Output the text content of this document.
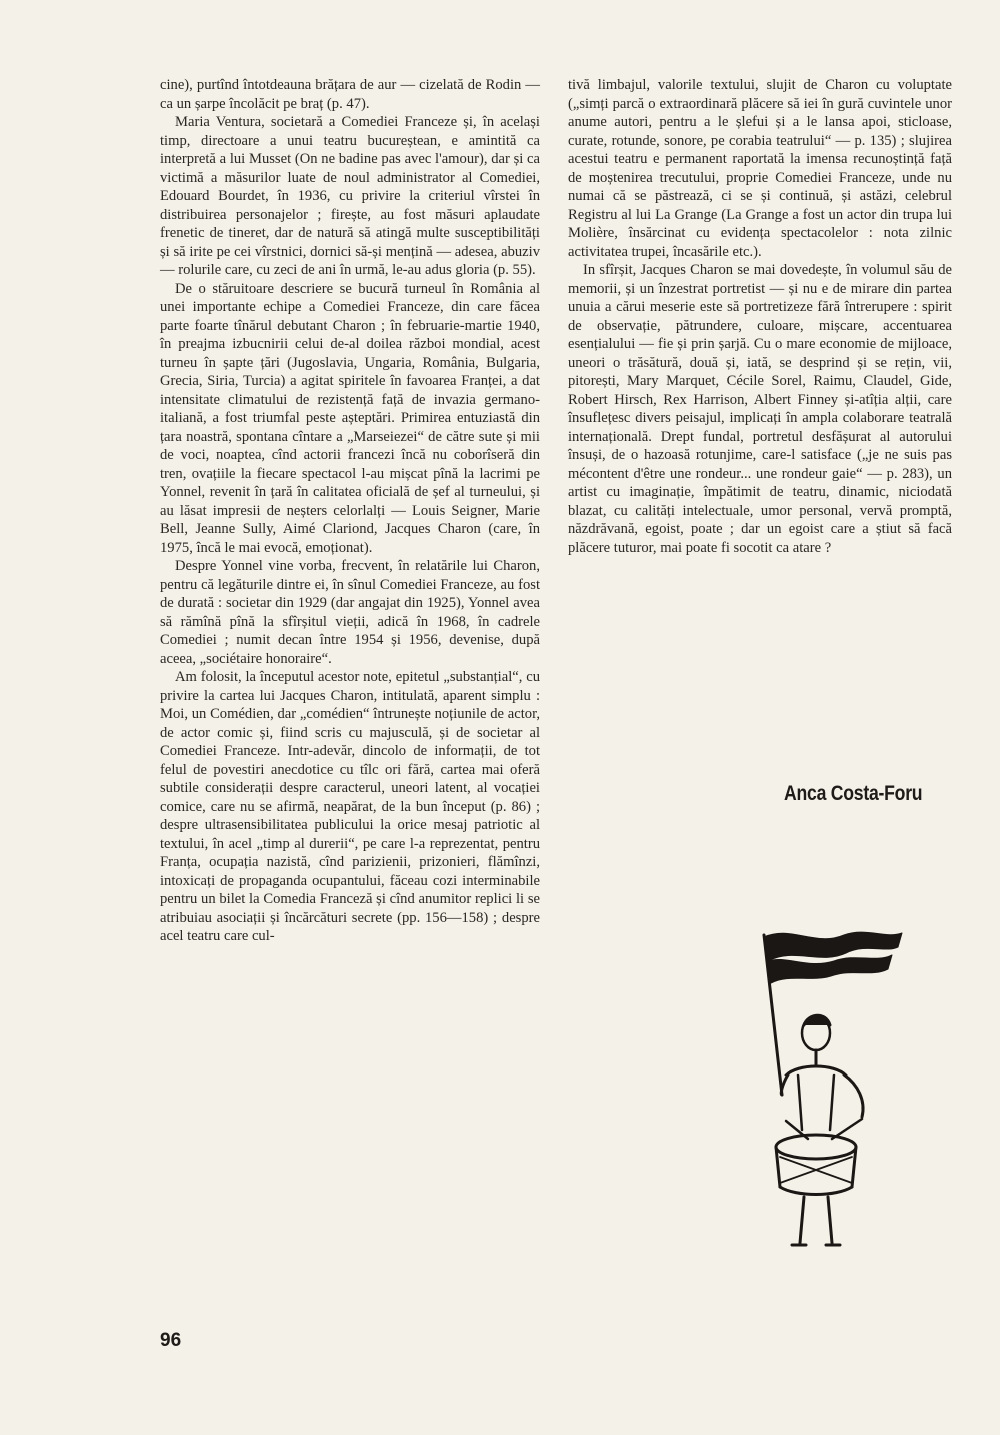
cine), purtînd întotdeauna brățara de aur — cizelată de Rodin — ca un șarpe încolăcit pe braț (p. 47).

Maria Ventura, societară a Comediei Franceze și, în același timp, directoare a unui teatru bucureștean, e amintită ca interpretă a lui Musset (On ne badine pas avec l'amour), dar și ca victimă a măsurilor luate de noul administrator al Comediei, Edouard Bourdet, în 1936, cu privire la criteriul vîrstei în distribuirea personajelor ; firește, au fost măsuri aplaudate frenetic de tineret, dar de natură să atingă multe susceptibilități și să irite pe cei vîrstnici, dornici să-și mențină — adesea, abuziv — rolurile care, cu zeci de ani în urmă, le-au adus gloria (p. 55).

De o stăruitoare descriere se bucură turneul în România al unei importante echipe a Comediei Franceze, din care făcea parte foarte tînărul debutant Charon ; în februarie-martie 1940, în preajma izbucnirii celui de-al doilea război mondial, acest turneu în șapte țări (Jugoslavia, Ungaria, România, Bulgaria, Grecia, Siria, Turcia) a agitat spiritele în favoarea Franței, a dat intensitate climatului de rezistență față de invazia germano-italiană, a fost triumfal peste așteptări. Primirea entuziastă din țara noastră, spontana cîntare a „Marseiezei“ de către sute și mii de voci, noaptea, cînd actorii francezi încă nu coborîseră din tren, ovațiile la fiecare spectacol l-au mișcat pînă la lacrimi pe Yonnel, revenit în țară în calitatea oficială de șef al turneului, și au lăsat impresii de neșters celorlalți — Louis Seigner, Marie Bell, Jeanne Sully, Aimé Clariond, Jacques Charon (care, în 1975, încă le mai evocă, emoționat).

Despre Yonnel vine vorba, frecvent, în relatările lui Charon, pentru că legăturile dintre ei, în sînul Comediei Franceze, au fost de durată : societar din 1929 (dar angajat din 1925), Yonnel avea să rămînă pînă la sfîrșitul vieții, adică în 1968, în cadrele Comediei ; numit decan între 1954 și 1956, devenise, după aceea, „sociétaire honoraire“.

Am folosit, la începutul acestor note, epitetul „substanțial“, cu privire la cartea lui Jacques Charon, intitulată, aparent simplu : Moi, un Comédien, dar „comédien“ întrunește noțiunile de actor, de actor comic și, fiind scris cu majusculă, și de societar al Comediei Franceze. Intr-adevăr, dincolo de informații, de tot felul de povestiri anecdotice cu tîlc ori fără, cartea mai oferă subtile considerații despre caracterul, uneori latent, al vocației comice, care nu se afirmă, neapărat, de la bun început (p. 86) ; despre ultrasensibilitatea publicului la orice mesaj patriotic al textului, în acel „timp al durerii“, pe care l-a reprezentat, pentru Franța, ocupația nazistă, cînd parizienii, prizonieri, flămînzi, intoxicați de propaganda ocupantului, făceau cozi interminabile pentru un bilet la Comedia Franceză și cînd anumitor replici li se atribuiau asociații și încărcături secrete (pp. 156—158) ; despre acel teatru care cul-

tivă limbajul, valorile textului, slujit de Charon cu voluptate („simți parcă o extraordinară plăcere să iei în gură cuvintele unor anume autori, pentru a le șlefui și a le lansa apoi, sticloase, curate, rotunde, sonore, pe corabia teatrului“ — p. 135) ; slujirea acestui teatru e permanent raportată la imensa recunoștință față de moștenirea trecutului, proprie Comediei Franceze, unde nu numai că se păstrează, ci se și continuă, și astăzi, celebrul Registru al lui La Grange (La Grange a fost un actor din trupa lui Molière, însărcinat cu evidența spectacolelor : nota zilnic activitatea trupei, încasările etc.).

In sfîrșit, Jacques Charon se mai dovedește, în volumul său de memorii, și un înzestrat portretist — și nu e de mirare din partea unuia a cărui meserie este să portretizeze fără întrerupere : spirit de observație, pătrundere, culoare, mișcare, accentuarea esențialului — fie și prin șarjă. Cu o mare economie de mijloace, uneori o trăsătură, două și, iată, se desprind și se rețin, vii, pitorești, Mary Marquet, Cécile Sorel, Raimu, Claudel, Gide, Robert Hirsch, Rex Harrison, Albert Finney și-atîția alții, care însuflețesc divers peisajul, implicați în ampla colaborare teatrală internațională. Drept fundal, portretul desfășurat al autorului însuși, de o hazoasă rotunjime, care-l satisface („je ne suis pas mécontent d'être une rondeur... une rondeur gaie“ — p. 283), un artist cu imaginație, împătimit de teatru, dinamic, niciodată blazat, cu calități intelectuale, umor personal, vervă promptă, năzdrăvană, egoist, poate ; dar un egoist care a știut să facă plăcere tuturor, mai poate fi socotit ca atare ?

Anca Costa-Foru
96
